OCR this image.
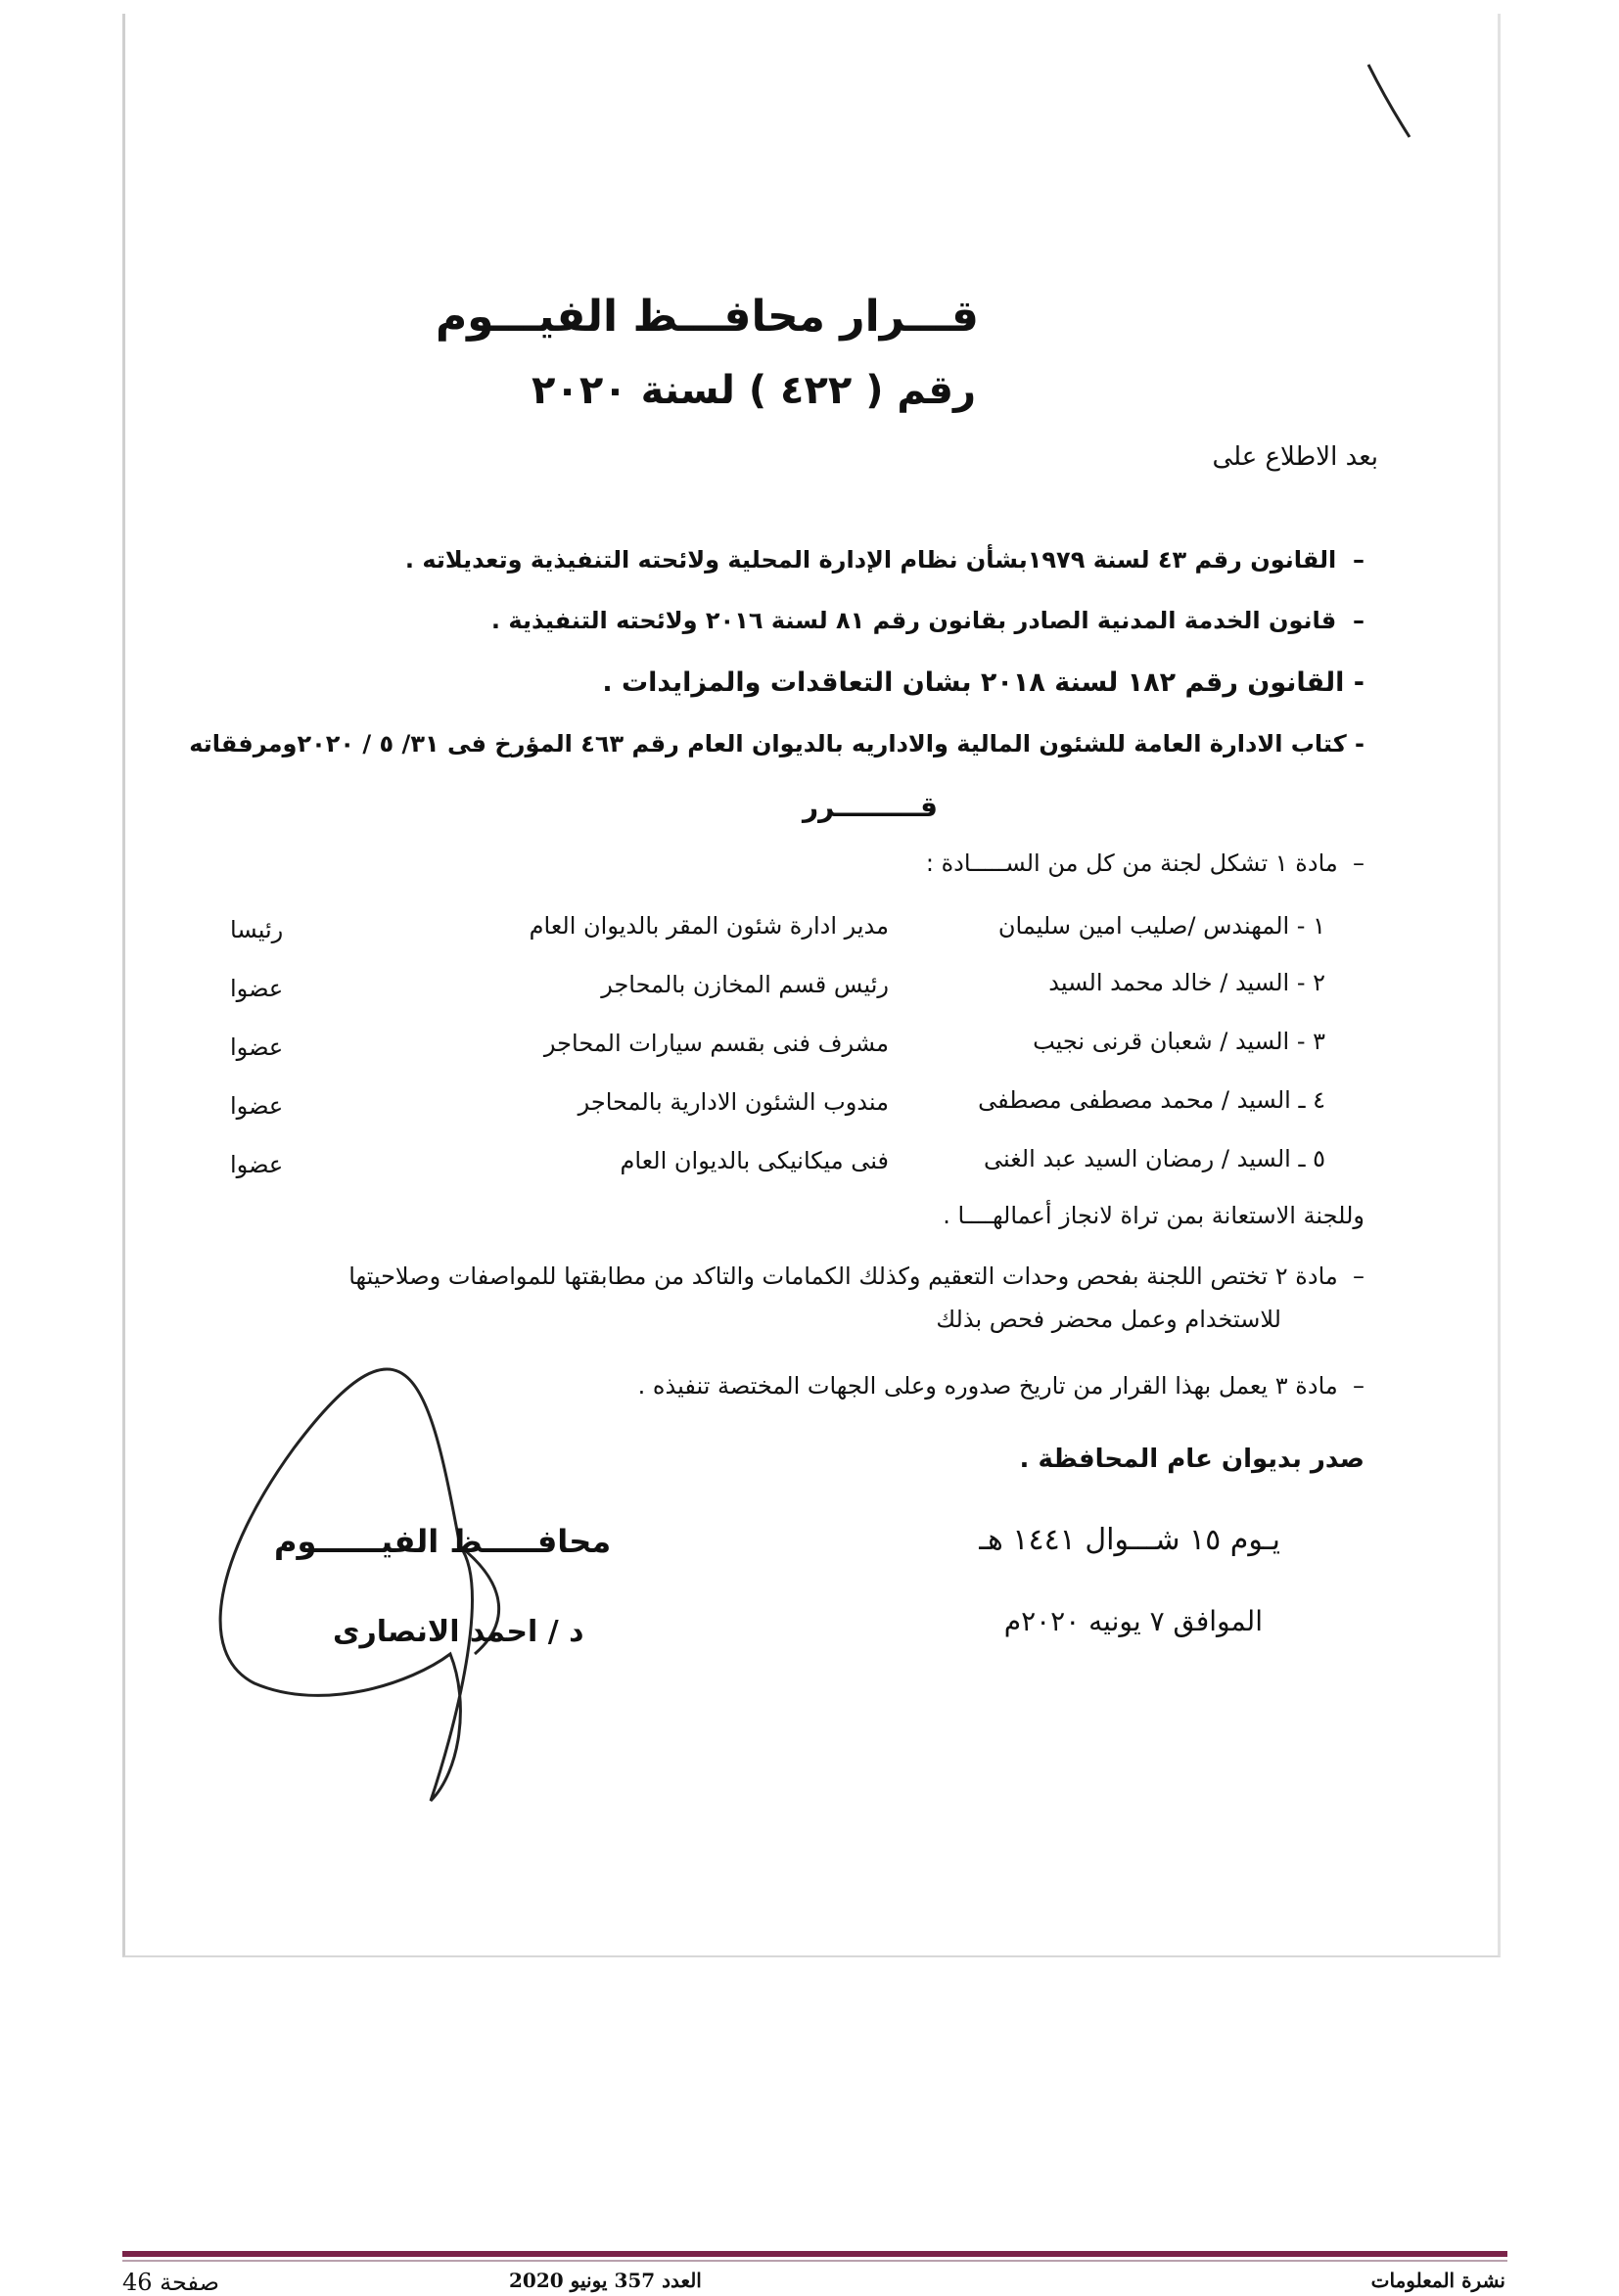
قـــرار محافـــظ الفيـــوم
رقم ( ٤٢٢ ) لسنة ٢٠٢٠
بعد الاطلاع على
–  القانون رقم ٤٣ لسنة ١٩٧٩بشأن نظام الإدارة المحلية ولائحته التنفيذية وتعديلاته .
–  قانون الخدمة المدنية الصادر بقانون رقم ٨١ لسنة ٢٠١٦ ولائحته التنفيذية .
- القانون رقم ١٨٢ لسنة ٢٠١٨ بشان التعاقدات والمزايدات .
- كتاب الادارة العامة للشئون المالية والاداريه بالديوان العام رقم ٤٦٣ المؤرخ فى ٣١/ ٥ / ٢٠٢٠ومرفقاته
قـــــــــرر
–  مادة ١ تشكل لجنة من كل من الســـــادة :
١ - المهندس /صليب امين سليمان
مدير ادارة شئون المقر بالديوان العام
رئيسا
٢ - السيد / خالد محمد السيد
رئيس قسم المخازن بالمحاجر
عضوا
٣ - السيد / شعبان قرنى نجيب
مشرف فنى بقسم سيارات المحاجر
عضوا
٤ ـ السيد / محمد مصطفى مصطفى
مندوب الشئون الادارية بالمحاجر
عضوا
٥ ـ السيد / رمضان السيد عبد الغنى
فنى ميكانيكى بالديوان العام
عضوا
وللجنة الاستعانة بمن تراة لانجاز أعمالهــــا .
–  مادة ٢ تختص اللجنة بفحص وحدات التعقيم وكذلك الكمامات والتاكد من مطابقتها للمواصفات وصلاحيتها
للاستخدام وعمل محضر فحص بذلك
–  مادة ٣ يعمل بهذا القرار من تاريخ صدوره وعلى الجهات المختصة تنفيذه .
صدر بديوان عام المحافظة .
يـوم ١٥ شـــوال ١٤٤١ هـ
الموافق ٧ يونيه ٢٠٢٠م
محافـــــظ الفيــــــوم
د / احمد الانصارى
صفحة 46	العدد 357 يونيو 2020	نشرة المعلومات
